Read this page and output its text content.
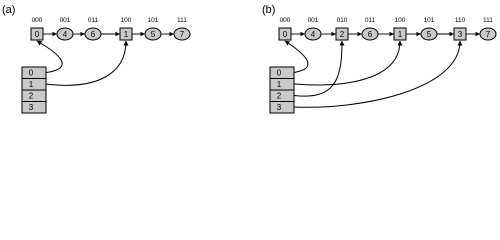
(a)
0
000
4
001
6
011
1
100
5
101
7
111
0
1
2
3
(b)
0
000
4
001
2
010
6
011
1
100
5
101
3
110
7
111
0
1
2
3
